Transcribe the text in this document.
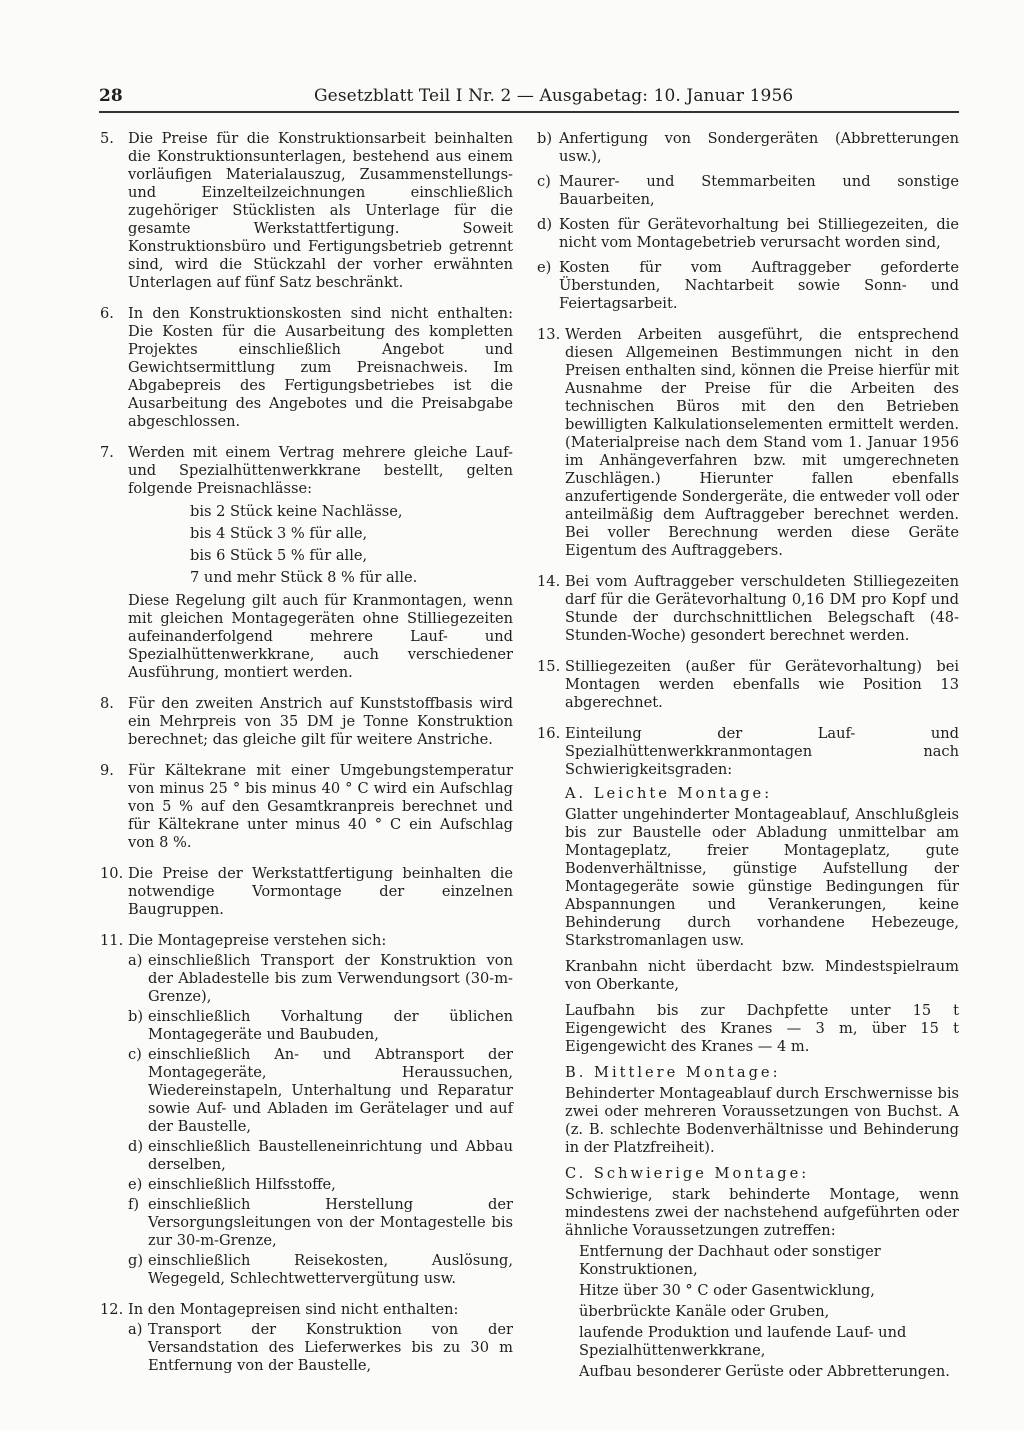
28	Gesetzblatt Teil I Nr. 2 — Ausgabetag: 10. Januar 1956
5. Die Preise für die Konstruktionsarbeit beinhalten die Konstruktionsunterlagen, bestehend aus einem vorläufigen Materialauszug, Zusammenstellungs- und Einzelteilzeichnungen einschließlich zugehöriger Stücklisten als Unterlage für die gesamte Werkstattfertigung. Soweit Konstruktionsbüro und Fertigungsbetrieb getrennt sind, wird die Stückzahl der vorher erwähnten Unterlagen auf fünf Satz beschränkt.
6. In den Konstruktionskosten sind nicht enthalten: Die Kosten für die Ausarbeitung des kompletten Projektes einschließlich Angebot und Gewichtsermittlung zum Preisnachweis. Im Abgabepreis des Fertigungsbetriebes ist die Ausarbeitung des Angebotes und die Preisabgabe abgeschlossen.
7. Werden mit einem Vertrag mehrere gleiche Lauf- und Spezialhüttenwerkkrane bestellt, gelten folgende Preisnachlässe:
bis 2 Stück keine Nachlässe,
bis 4 Stück 3 % für alle,
bis 6 Stück 5 % für alle,
7 und mehr Stück 8 % für alle.
Diese Regelung gilt auch für Kranmontagen, wenn mit gleichen Montagegeräten ohne Stilliegezeiten aufeinanderfolgend mehrere Lauf- und Spezialhüttenwerkkrane, auch verschiedener Ausführung, montiert werden.
8. Für den zweiten Anstrich auf Kunststoffbasis wird ein Mehrpreis von 35 DM je Tonne Konstruktion berechnet; das gleiche gilt für weitere Anstriche.
9. Für Kältekrane mit einer Umgebungstemperatur von minus 25 ° bis minus 40 ° C wird ein Aufschlag von 5 % auf den Gesamtkranpreis berechnet und für Kältekrane unter minus 40 ° C ein Aufschlag von 8 %.
10. Die Preise der Werkstattfertigung beinhalten die notwendige Vormontage der einzelnen Baugruppen.
11. Die Montagepreise verstehen sich:
a) einschließlich Transport der Konstruktion von der Abladestelle bis zum Verwendungsort (30-m-Grenze),
b) einschließlich Vorhaltung der üblichen Montagegeräte und Baubuden,
c) einschließlich An- und Abtransport der Montagegeräte, Heraussuchen, Wiedereinstapeln, Unterhaltung und Reparatur sowie Auf- und Abladen im Gerätelager und auf der Baustelle,
d) einschließlich Baustelleneinrichtung und Abbau derselben,
e) einschließlich Hilfsstoffe,
f) einschließlich Herstellung der Versorgungsleitungen von der Montagestelle bis zur 30-m-Grenze,
g) einschließlich Reisekosten, Auslösung, Wegegeld, Schlechtwettervergütung usw.
12. In den Montagepreisen sind nicht enthalten:
a) Transport der Konstruktion von der Versandstation des Lieferwerkes bis zu 30 m Entfernung von der Baustelle,
b) Anfertigung von Sondergeräten (Abbretterungen usw.),
c) Maurer- und Stemmarbeiten und sonstige Bauarbeiten,
d) Kosten für Gerätevorhaltung bei Stilliegezeiten, die nicht vom Montagebetrieb verursacht worden sind,
e) Kosten für vom Auftraggeber geforderte Überstunden, Nachtarbeit sowie Sonn- und Feiertagsarbeit.
13. Werden Arbeiten ausgeführt, die entsprechend diesen Allgemeinen Bestimmungen nicht in den Preisen enthalten sind, können die Preise hierfür mit Ausnahme der Preise für die Arbeiten des technischen Büros mit den den Betrieben bewilligten Kalkulationselementen ermittelt werden. (Materialpreise nach dem Stand vom 1. Januar 1956 im Anhängeverfahren bzw. mit umgerechneten Zuschlägen.) Hierunter fallen ebenfalls anzufertigende Sondergeräte, die entweder voll oder anteilmäßig dem Auftraggeber berechnet werden. Bei voller Berechnung werden diese Geräte Eigentum des Auftraggebers.
14. Bei vom Auftraggeber verschuldeten Stilliegezeiten darf für die Gerätevorhaltung 0,16 DM pro Kopf und Stunde der durchschnittlichen Belegschaft (48-Stunden-Woche) gesondert berechnet werden.
15. Stilliegezeiten (außer für Gerätevorhaltung) bei Montagen werden ebenfalls wie Position 13 abgerechnet.
16. Einteilung der Lauf- und Spezialhüttenwerkkranmontagen nach Schwierigkeitsgraden:
A. Leichte Montage:
Glatter ungehinderter Montageablauf, Anschlußgleis bis zur Baustelle oder Abladung unmittelbar am Montageplatz, freier Montageplatz, gute Bodenverhältnisse, günstige Aufstellung der Montagegeräte sowie günstige Bedingungen für Abspannungen und Verankerungen, keine Behinderung durch vorhandene Hebezeuge, Starkstromanlagen usw.
Kranbahn nicht überdacht bzw. Mindestspielraum von Oberkante,
Laufbahn bis zur Dachpfette unter 15 t Eigengewicht des Kranes — 3 m, über 15 t Eigengewicht des Kranes — 4 m.
B. Mittlere Montage:
Behinderter Montageablauf durch Erschwernisse bis zwei oder mehreren Voraussetzungen von Buchst. A (z. B. schlechte Bodenverhältnisse und Behinderung in der Platzfreiheit).
C. Schwierige Montage:
Schwierige, stark behinderte Montage, wenn mindestens zwei der nachstehend aufgeführten oder ähnliche Voraussetzungen zutreffen:
Entfernung der Dachhaut oder sonstiger Konstruktionen,
Hitze über 30 ° C oder Gasentwicklung,
überbrückte Kanäle oder Gruben,
laufende Produktion und laufende Lauf- und Spezialhüttenwerkkrane,
Aufbau besonderer Gerüste oder Abbretterungen.
